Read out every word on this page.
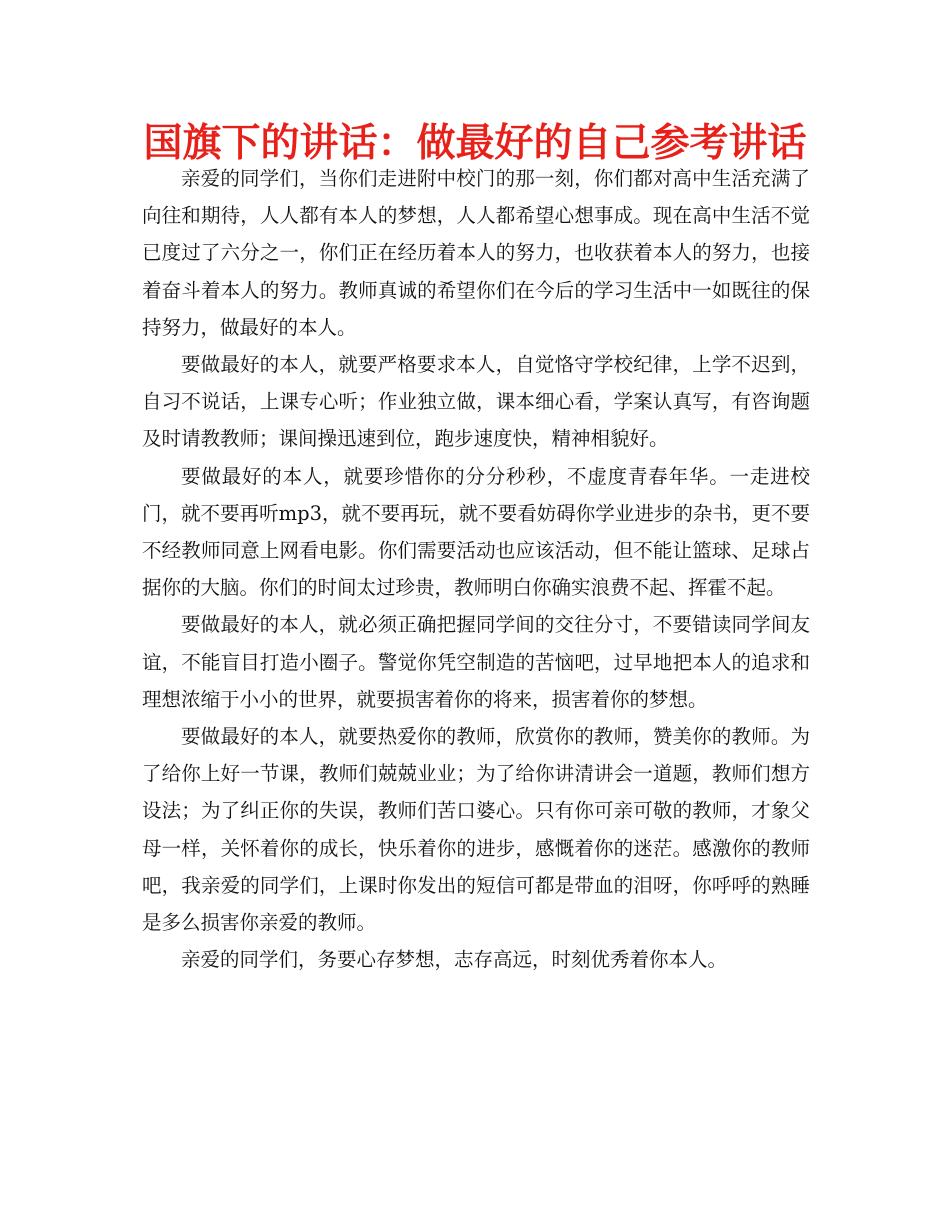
国旗下的讲话：做最好的自己参考讲话

亲爱的同学们，当你们走进附中校门的那一刻，你们都对高中生活充满了向往和期待，人人都有本人的梦想，人人都希望心想事成。现在高中生活不觉已度过了六分之一，你们正在经历着本人的努力，也收获着本人的努力，也接着奋斗着本人的努力。教师真诚的希望你们在今后的学习生活中一如既往的保持努力，做最好的本人。

要做最好的本人，就要严格要求本人，自觉恪守学校纪律，上学不迟到，自习不说话，上课专心听；作业独立做，课本细心看，学案认真写，有咨询题及时请教教师；课间操迅速到位，跑步速度快，精神相貌好。

要做最好的本人，就要珍惜你的分分秒秒，不虚度青春年华。一走进校门，就不要再听mp3，就不要再玩，就不要看妨碍你学业进步的杂书，更不要不经教师同意上网看电影。你们需要活动也应该活动，但不能让篮球、足球占据你的大脑。你们的时间太过珍贵，教师明白你确实浪费不起、挥霍不起。

要做最好的本人，就必须正确把握同学间的交往分寸，不要错读同学间友谊，不能盲目打造小圈子。警觉你凭空制造的苦恼吧，过早地把本人的追求和理想浓缩于小小的世界，就要损害着你的将来，损害着你的梦想。

要做最好的本人，就要热爱你的教师，欣赏你的教师，赞美你的教师。为了给你上好一节课，教师们兢兢业业；为了给你讲清讲会一道题，教师们想方设法；为了纠正你的失误，教师们苦口婆心。只有你可亲可敬的教师，才象父母一样，关怀着你的成长，快乐着你的进步，感慨着你的迷茫。感激你的教师吧，我亲爱的同学们，上课时你发出的短信可都是带血的泪呀，你呼呼的熟睡是多么损害你亲爱的教师。

亲爱的同学们，务要心存梦想，志存高远，时刻优秀着你本人。
